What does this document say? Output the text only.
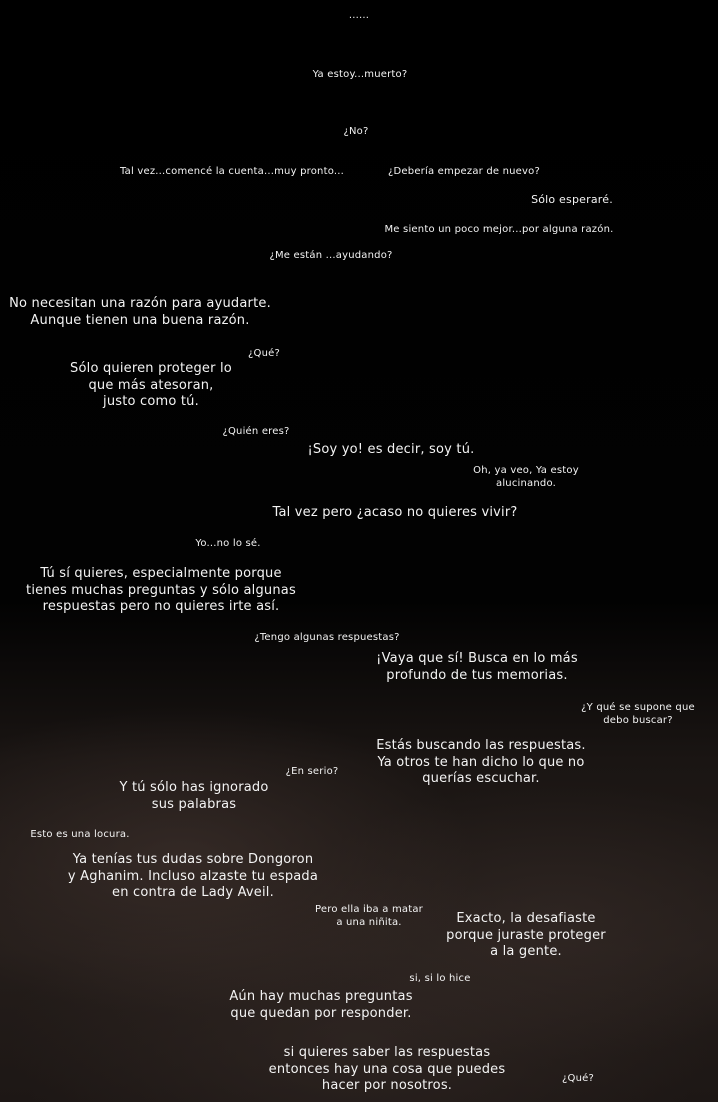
......
Ya estoy...muerto?
¿No?
Tal vez...comencé la cuenta...muy pronto...	¿Debería empezar de nuevo?
Sólo esperaré.
Me siento un poco mejor...por alguna razón.
¿Me están ...ayudando?
No necesitan una razón para ayudarte.
Aunque tienen una buena razón.
¿Qué?
Sólo quieren proteger lo
que más atesoran,
justo como tú.
¿Quién eres?
¡Soy yo! es decir, soy tú.
Oh, ya veo, Ya estoy
alucinando.
Tal vez pero ¿acaso no quieres vivir?
Yo...no lo sé.
Tú sí quieres, especialmente porque
tienes muchas preguntas y sólo algunas
respuestas pero no quieres irte así.
¿Tengo algunas respuestas?
¡Vaya que sí! Busca en lo más
profundo de tus memorias.
¿Y qué se supone que
debo buscar?
Estás buscando las respuestas.
Ya otros te han dicho lo que no
querías escuchar.
¿En serio?
Y tú sólo has ignorado
sus palabras
Esto es una locura.
Ya tenías tus dudas sobre Dongoron
y Aghanim. Incluso alzaste tu espada
en contra de Lady Aveil.
Pero ella iba a matar
a una niñita.	Exacto, la desafiaste
porque juraste proteger
a la gente.
si, si lo hice
Aún hay muchas preguntas
que quedan por responder.
si quieres saber las respuestas
entonces hay una cosa que puedes
hacer por nosotros.	¿Qué?
